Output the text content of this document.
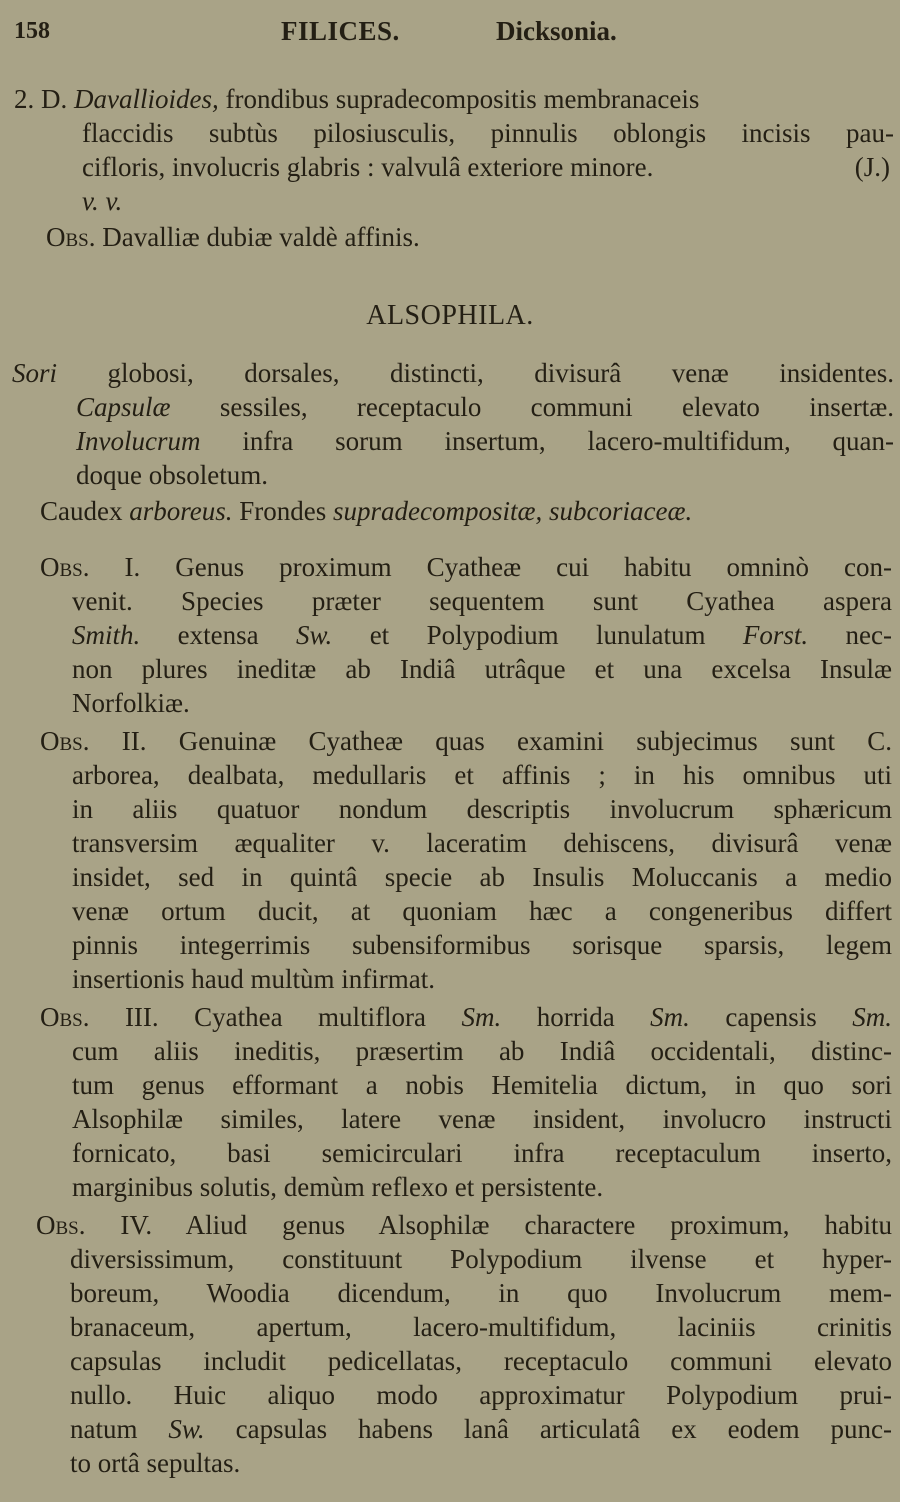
158	FILICES.	Dicksonia.
2. D. Davallioides, frondibus supradecompositis membranaceis
flaccidis subtùs pilosiusculis, pinnulis oblongis incisis pau-
cifloris, involucris glabris : valvulâ exteriore minore.	(J.)
v. v.
Obs. Davalliæ dubiæ valdè affinis.
ALSOPHILA.
Sori globosi, dorsales, distincti, divisurâ venæ insidentes.
Capsulæ sessiles, receptaculo communi elevato insertæ.
Involucrum infra sorum insertum, lacero-multifidum, quan-
doque obsoletum.
Caudex arboreus. Frondes supradecompositæ, subcoriaceæ.
Obs. I. Genus proximum Cyatheæ cui habitu omninò con-
venit. Species præter sequentem sunt Cyathea aspera
Smith. extensa Sw. et Polypodium lunulatum Forst. nec-
non plures ineditæ ab Indiâ utrâque et una excelsa Insulæ
Norfolkiæ.
Obs. II. Genuinæ Cyatheæ quas examini subjecimus sunt C.
arborea, dealbata, medullaris et affinis ; in his omnibus uti
in aliis quatuor nondum descriptis involucrum sphæricum
transversim æqualiter v. laceratim dehiscens, divisurâ venæ
insidet, sed in quintâ specie ab Insulis Moluccanis a medio
venæ ortum ducit, at quoniam hæc a congeneribus differt
pinnis integerrimis subensiformibus sorisque sparsis, legem
insertionis haud multùm infirmat.
Obs. III. Cyathea multiflora Sm. horrida Sm. capensis Sm.
cum aliis ineditis, præsertim ab Indiâ occidentali, distinc-
tum genus efformant a nobis Hemitelia dictum, in quo sori
Alsophilæ similes, latere venæ insident, involucro instructi
fornicato, basi semicirculari infra receptaculum inserto,
marginibus solutis, demùm reflexo et persistente.
Obs. IV. Aliud genus Alsophilæ charactere proximum, habitu
diversissimum, constituunt Polypodium ilvense et hyper-
boreum, Woodia dicendum, in quo Involucrum mem-
branaceum, apertum, lacero-multifidum, laciniis crinitis
capsulas includit pedicellatas, receptaculo communi elevato
nullo. Huic aliquo modo approximatur Polypodium prui-
natum Sw. capsulas habens lanâ articulatâ ex eodem punc-
to ortâ sepultas.
